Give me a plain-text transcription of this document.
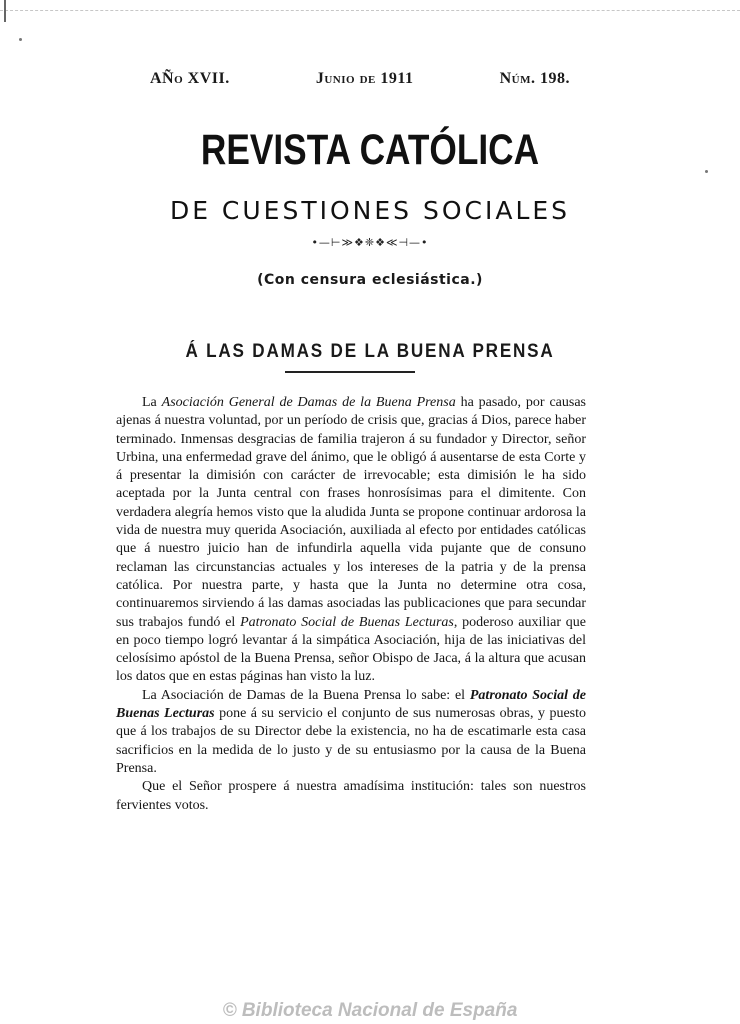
AÑo XVII.	Junio de 1911	Núm. 198.
REVISTA CATÓLICA
DE CUESTIONES SOCIALES
•—⊢≫❖❈❖≪⊣—•
(Con censura eclesiástica.)
Á LAS DAMAS DE LA BUENA PRENSA

La Asociación General de Damas de la Buena Prensa ha pasado, por causas ajenas á nuestra voluntad, por un período de crisis que, gracias á Dios, parece haber terminado. Inmensas desgracias de familia trajeron á su fundador y Director, señor Urbina, una enfermedad grave del ánimo, que le obligó á ausentarse de esta Corte y á presentar la dimisión con carácter de irrevocable; esta dimisión le ha sido aceptada por la Junta central con frases honrosísimas para el dimitente. Con verdadera alegría hemos visto que la aludida Junta se propone continuar ardorosa la vida de nuestra muy querida Asociación, auxiliada al efecto por entidades católicas que á nuestro juicio han de infundirla aquella vida pujante que de consuno reclaman las circunstancias actuales y los intereses de la patria y de la prensa católica. Por nuestra parte, y hasta que la Junta no determine otra cosa, continuaremos sirviendo á las damas asociadas las publicaciones que para secundar sus trabajos fundó el Patronato Social de Buenas Lecturas, poderoso auxiliar que en poco tiempo logró levantar á la simpática Asociación, hija de las iniciativas del celosísimo apóstol de la Buena Prensa, señor Obispo de Jaca, á la altura que acusan los datos que en estas páginas han visto la luz.

La Asociación de Damas de la Buena Prensa lo sabe: el Patronato Social de Buenas Lecturas pone á su servicio el conjunto de sus numerosas obras, y puesto que á los trabajos de su Director debe la existencia, no ha de escatimarle esta casa sacrificios en la medida de lo justo y de su entusiasmo por la causa de la Buena Prensa.

Que el Señor prospere á nuestra amadísima institución: tales son nuestros fervientes votos.

© Biblioteca Nacional de España
